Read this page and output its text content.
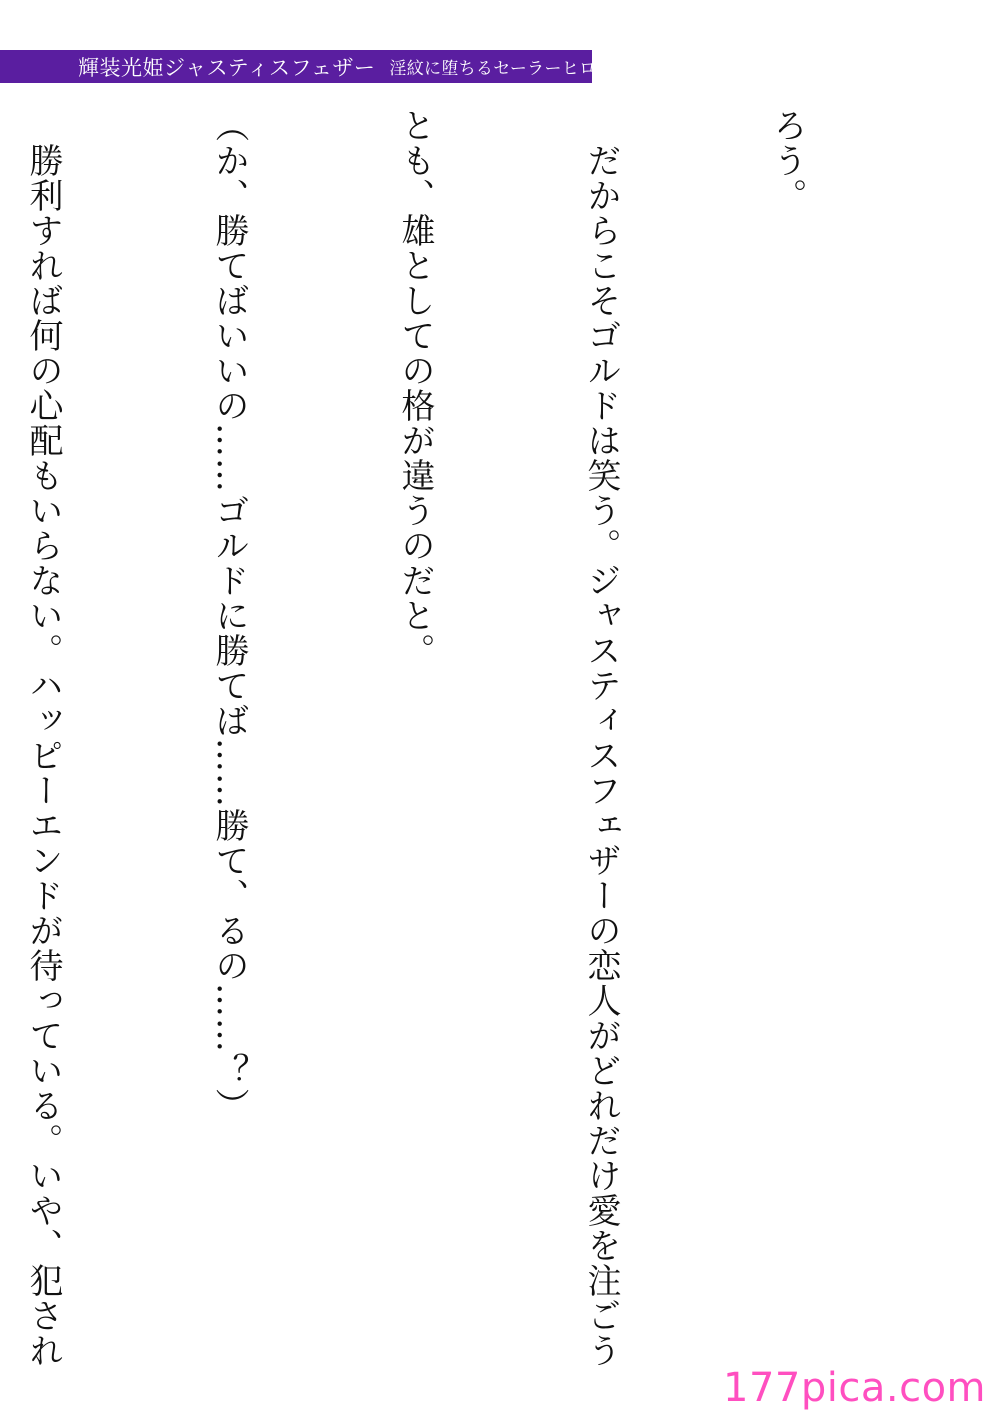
輝装光姫ジャスティスフェザー 淫紋に堕ちるセーラーヒロイン

ろう。

　だからこそゴルドは笑う。ジャスティスフェザーの恋人がどれだけ愛を注ごう

とも、雄としての格が違うのだと。

（か、勝てばいいの……ゴルドに勝てば……勝て、るの……？）

　勝利すれば何の心配もいらない。ハッピーエンドが待っている。いや、犯され

177pica.com
